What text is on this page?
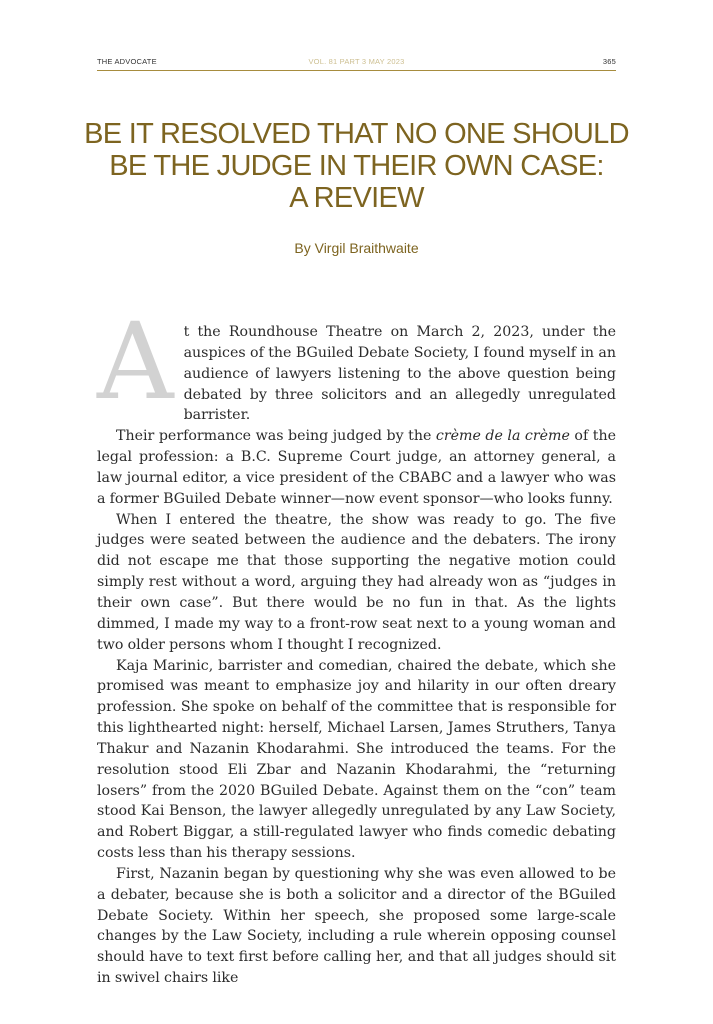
THE ADVOCATE	VOL. 81 PART 3 MAY 2023	365
BE IT RESOLVED THAT NO ONE SHOULD
BE THE JUDGE IN THEIR OWN CASE:
A REVIEW
By Virgil Braithwaite

At the Roundhouse Theatre on March 2, 2023, under the auspices of the BGuiled Debate Society, I found myself in an audience of lawyers listening to the above question being debated by three solicitors and an allegedly unregulated barrister.

Their performance was being judged by the crème de la crème of the legal profession: a B.C. Supreme Court judge, an attorney general, a law journal editor, a vice president of the CBABC and a lawyer who was a former BGuiled Debate winner—now event sponsor—who looks funny.

When I entered the theatre, the show was ready to go. The five judges were seated between the audience and the debaters. The irony did not escape me that those supporting the negative motion could simply rest without a word, arguing they had already won as “judges in their own case”. But there would be no fun in that. As the lights dimmed, I made my way to a front-row seat next to a young woman and two older persons whom I thought I recognized.

Kaja Marinic, barrister and comedian, chaired the debate, which she promised was meant to emphasize joy and hilarity in our often dreary profession. She spoke on behalf of the committee that is responsible for this lighthearted night: herself, Michael Larsen, James Struthers, Tanya Thakur and Nazanin Khodarahmi. She introduced the teams. For the resolution stood Eli Zbar and Nazanin Khodarahmi, the “returning losers” from the 2020 BGuiled Debate. Against them on the “con” team stood Kai Benson, the lawyer allegedly unregulated by any Law Society, and Robert Biggar, a still-regulated lawyer who finds comedic debating costs less than his therapy sessions.

First, Nazanin began by questioning why she was even allowed to be a debater, because she is both a solicitor and a director of the BGuiled Debate Society. Within her speech, she proposed some large-scale changes by the Law Society, including a rule wherein opposing counsel should have to text first before calling her, and that all judges should sit in swivel chairs like
